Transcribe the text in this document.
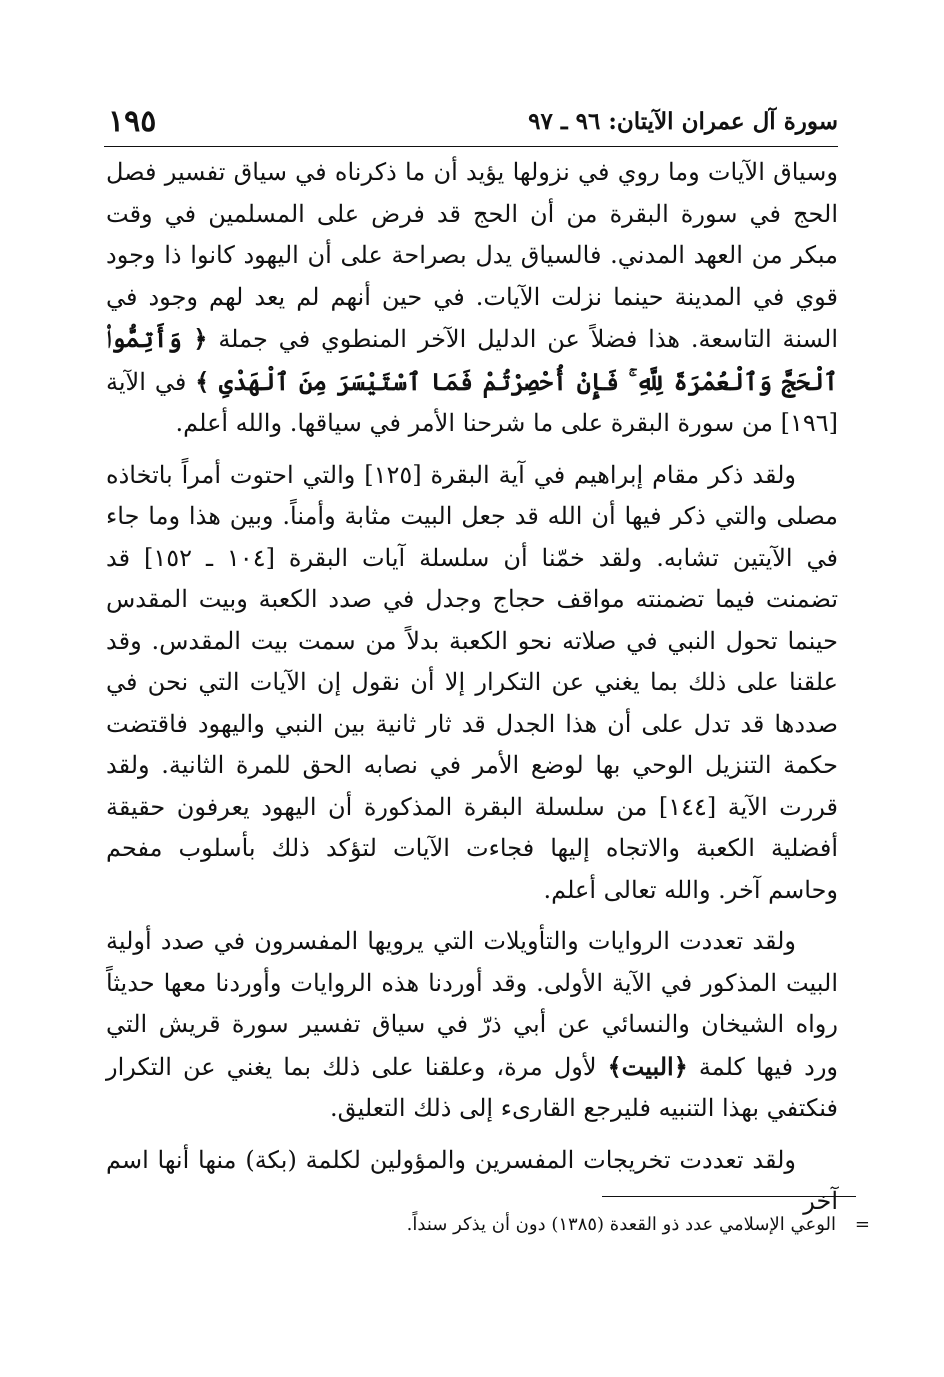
سورة آل عمران الآيتان: ٩٦ ـ ٩٧
١٩٥

وسياق الآيات وما روي في نزولها يؤيد أن ما ذكرناه في سياق تفسير فصل الحج في سورة البقرة من أن الحج قد فرض على المسلمين في وقت مبكر من العهد المدني. فالسياق يدل بصراحة على أن اليهود كانوا ذا وجود قوي في المدينة حينما نزلت الآيات. في حين أنهم لم يعد لهم وجود في السنة التاسعة. هذا فضلاً عن الدليل الآخر المنطوي في جملة ﴿ وَأَتِمُّوا۟ ٱلْحَجَّ وَٱلْعُمْرَةَ لِلَّهِ ۚ فَإِنْ أُحْصِرْتُمْ فَمَا ٱسْتَيْسَرَ مِنَ ٱلْهَدْىِ ﴾ في الآية [١٩٦] من سورة البقرة على ما شرحنا الأمر في سياقها. والله أعلم.

ولقد ذكر مقام إبراهيم في آية البقرة [١٢٥] والتي احتوت أمراً باتخاذه مصلى والتي ذكر فيها أن الله قد جعل البيت مثابة وأمناً. وبين هذا وما جاء في الآيتين تشابه. ولقد خمّنا أن سلسلة آيات البقرة [١٠٤ ـ ١٥٢] قد تضمنت فيما تضمنته مواقف حجاج وجدل في صدد الكعبة وبيت المقدس حينما تحول النبي في صلاته نحو الكعبة بدلاً من سمت بيت المقدس. وقد علقنا على ذلك بما يغني عن التكرار إلا أن نقول إن الآيات التي نحن في صددها قد تدل على أن هذا الجدل قد ثار ثانية بين النبي واليهود فاقتضت حكمة التنزيل الوحي بها لوضع الأمر في نصابه الحق للمرة الثانية. ولقد قررت الآية [١٤٤] من سلسلة البقرة المذكورة أن اليهود يعرفون حقيقة أفضلية الكعبة والاتجاه إليها فجاءت الآيات لتؤكد ذلك بأسلوب مفحم وحاسم آخر. والله تعالى أعلم.

ولقد تعددت الروايات والتأويلات التي يرويها المفسرون في صدد أولية البيت المذكور في الآية الأولى. وقد أوردنا هذه الروايات وأوردنا معها حديثاً رواه الشيخان والنسائي عن أبي ذرّ في سياق تفسير سورة قريش التي ورد فيها كلمة ﴿البيت﴾ لأول مرة، وعلقنا على ذلك بما يغني عن التكرار فنكتفي بهذا التنبيه فليرجع القارىء إلى ذلك التعليق.

ولقد تعددت تخريجات المفسرين والمؤولين لكلمة (بكة) منها أنها اسم آخر

=الوعي الإسلامي عدد ذو القعدة (١٣٨٥) دون أن يذكر سنداً.
